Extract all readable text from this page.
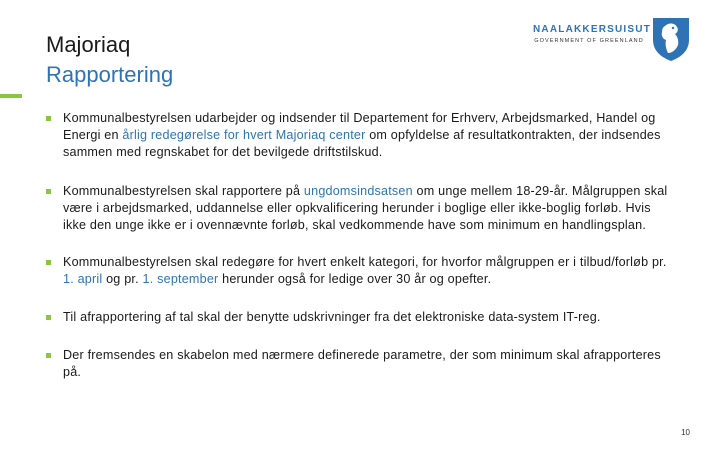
Majoriaq
Rapportering
NAALAKKERSUISUT
GOVERNMENT OF GREENLAND
Kommunalbestyrelsen udarbejder og indsender til Departement for Erhverv, Arbejdsmarked, Handel og Energi en årlig redegørelse for hvert Majoriaq center om opfyldelse af resultatkontrakten, der indsendes sammen med regnskabet for det bevilgede driftstilskud.
Kommunalbestyrelsen skal rapportere på ungdomsindsatsen om unge mellem 18-29-år. Målgruppen skal være i arbejdsmarked, uddannelse eller opkvalificering herunder i boglige eller ikke-boglig forløb. Hvis ikke den unge ikke er i ovennævnte forløb, skal vedkommende have som minimum en handlingsplan.
Kommunalbestyrelsen skal redegøre for hvert enkelt kategori, for hvorfor målgruppen er i tilbud/forløb pr. 1. april og pr. 1. september herunder også for ledige over 30 år og opefter.
Til afrapportering af tal skal der benytte udskrivninger fra det elektroniske data-system IT-reg.
Der fremsendes en skabelon med nærmere definerede parametre, der som minimum skal afrapporteres på.
10
